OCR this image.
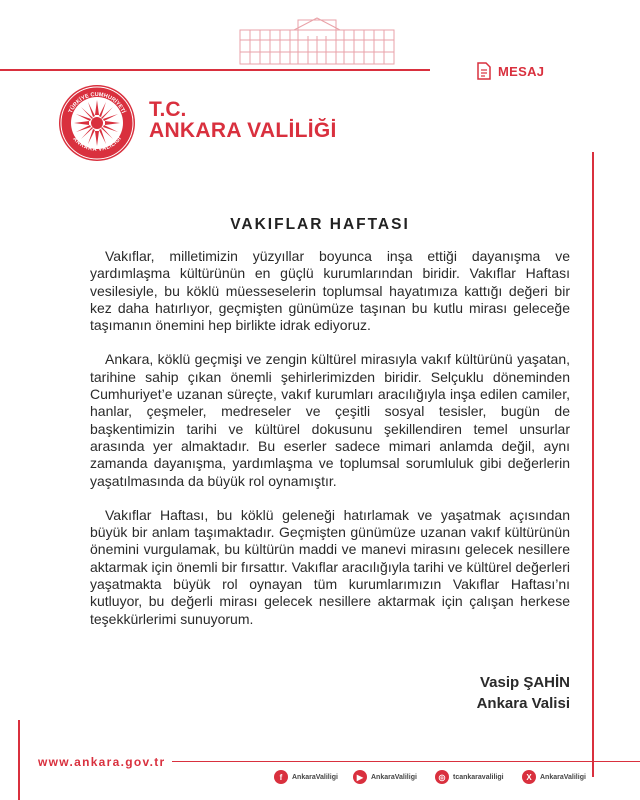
MESAJ
TÜRKİYE CUMHURİYETİ
ANKARA VALİLİĞİ
T.C.
ANKARA VALİLİĞİ
VAKIFLAR HAFTASI

Vakıflar, milletimizin yüzyıllar boyunca inşa ettiği dayanışma ve yardımlaşma kültürünün en güçlü kurumlarından biridir. Vakıflar Haftası vesilesiyle, bu köklü müesseselerin toplumsal hayatımıza kattığı değeri bir kez daha hatırlıyor, geçmişten günümüze taşınan bu kutlu mirası geleceğe taşımanın önemini hep birlikte idrak ediyoruz.

Ankara, köklü geçmişi ve zengin kültürel mirasıyla vakıf kültürünü yaşatan, tarihine sahip çıkan önemli şehirlerimizden biridir. Selçuklu döneminden Cumhuriyet’e uzanan süreçte, vakıf kurumları aracılığıyla inşa edilen camiler, hanlar, çeşmeler, medreseler ve çeşitli sosyal tesisler, bugün de başkentimizin tarihi ve kültürel dokusunu şekillendiren temel unsurlar arasında yer almaktadır. Bu eserler sadece mimari anlamda değil, aynı zamanda dayanışma, yardımlaşma ve toplumsal sorumluluk gibi değerlerin yaşatılmasında da büyük rol oynamıştır.

Vakıflar Haftası, bu köklü geleneği hatırlamak ve yaşatmak açısından büyük bir anlam taşımaktadır. Geçmişten günümüze uzanan vakıf kültürünün önemini vurgulamak, bu kültürün maddi ve manevi mirasını gelecek nesillere aktarmak için önemli bir fırsattır. Vakıflar aracılığıyla tarihi ve kültürel değerleri yaşatmakta büyük rol oynayan tüm kurumlarımızın Vakıflar Haftası’nı kutluyor, bu değerli mirası gelecek nesillere aktarmak için çalışan herkese teşekkürlerimi sunuyorum.

Vasip ŞAHİN
Ankara Valisi
www.ankara.gov.tr
f	AnkaraValiligi	▶	AnkaraValiligi	◎	tcankaravaliligi	X	AnkaraValiligi
